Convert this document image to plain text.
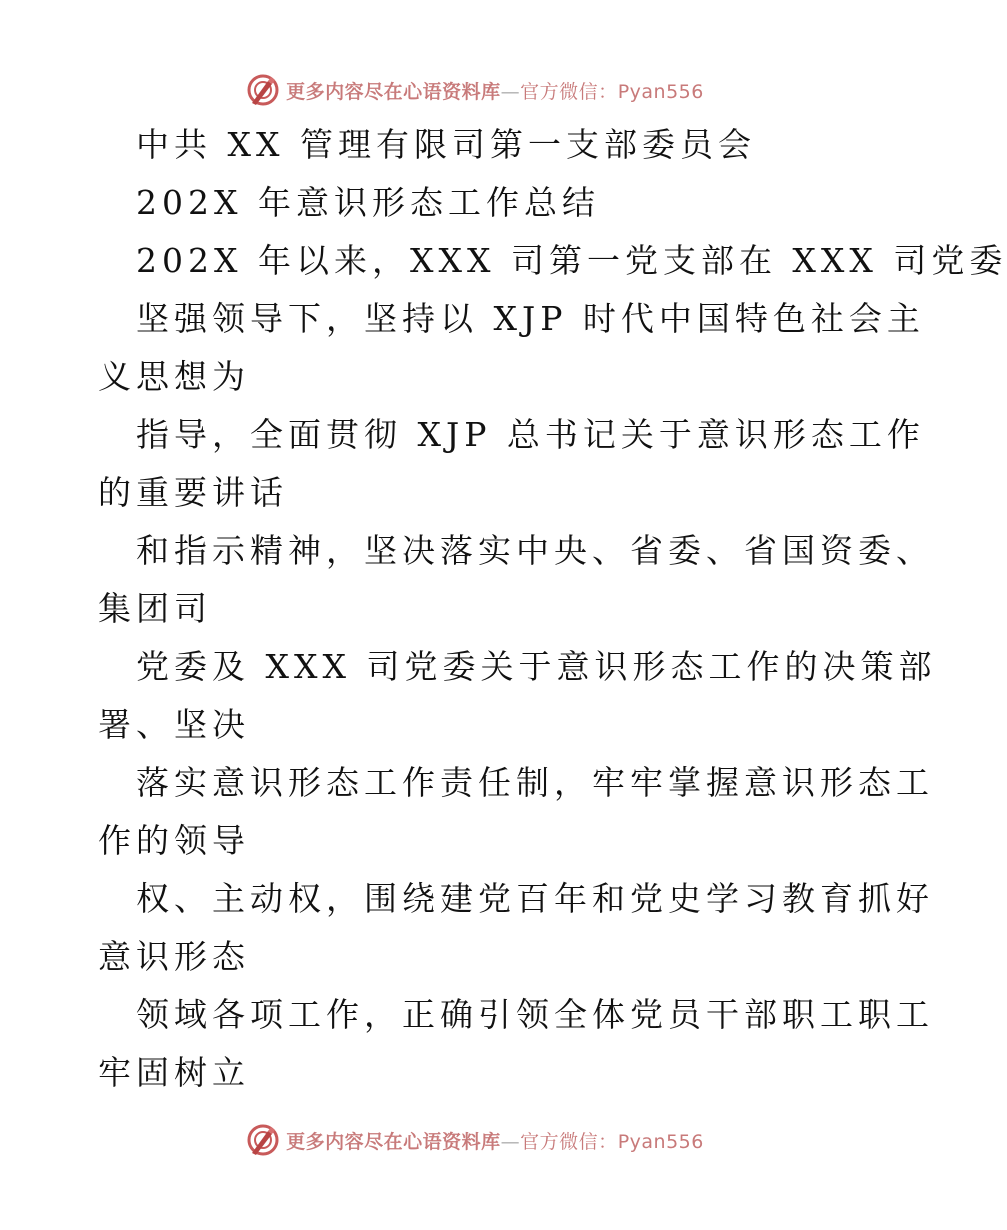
更多内容尽在心语资料库—官方微信：Pyan556
中共 XX 管理有限司第一支部委员会
202X 年意识形态工作总结
202X 年以来，XXX 司第一党支部在 XXX 司党委
坚强领导下，坚持以 XJP 时代中国特色社会主
义思想为
指导，全面贯彻 XJP 总书记关于意识形态工作
的重要讲话
和指示精神，坚决落实中央、省委、省国资委、
集团司
党委及 XXX 司党委关于意识形态工作的决策部
署、坚决
落实意识形态工作责任制，牢牢掌握意识形态工
作的领导
权、主动权，围绕建党百年和党史学习教育抓好
意识形态
领域各项工作，正确引领全体党员干部职工职工
牢固树立
更多内容尽在心语资料库—官方微信：Pyan556
